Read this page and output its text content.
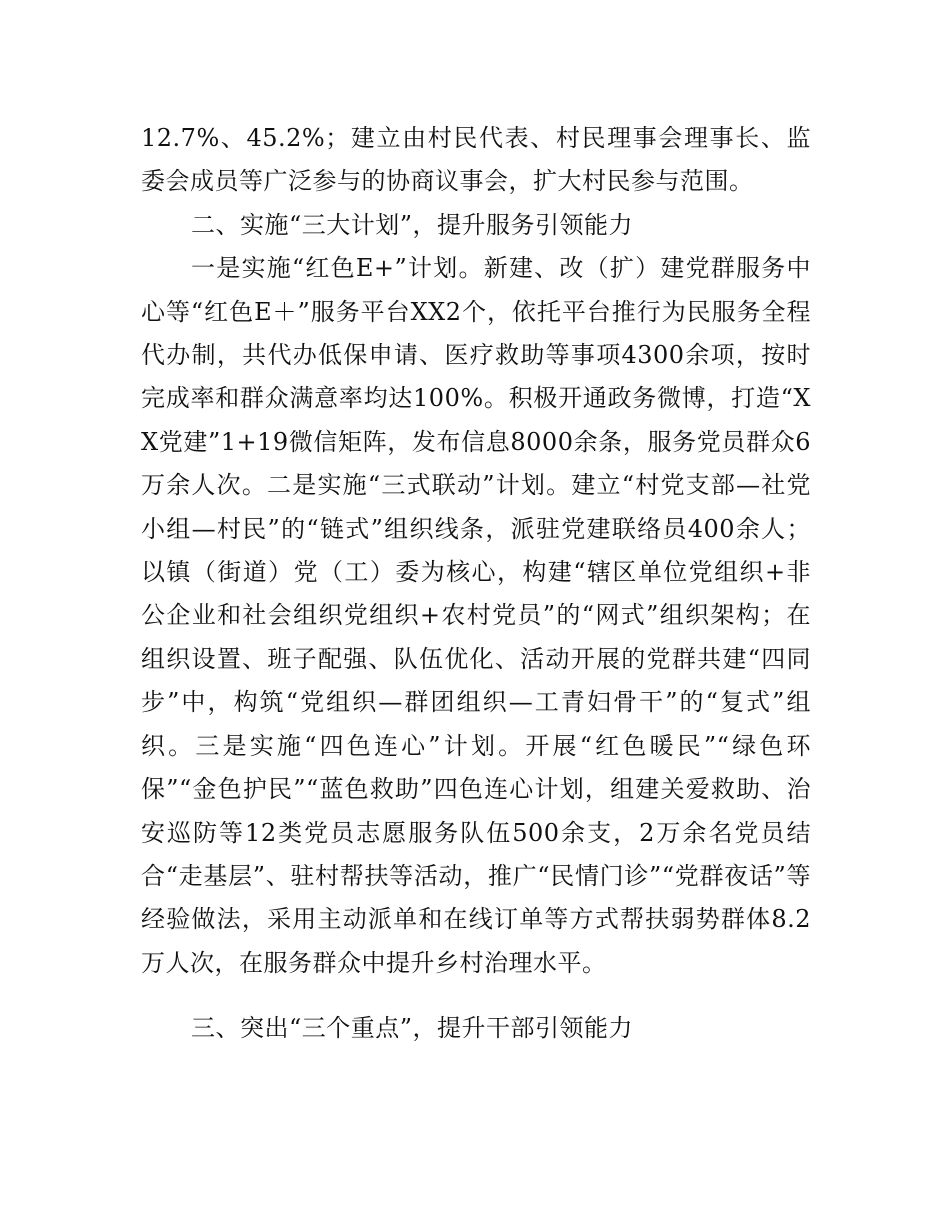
12.7%、45.2%；建立由村民代表、村民理事会理事长、监委会成员等广泛参与的协商议事会，扩大村民参与范围。

二、实施“三大计划”，提升服务引领能力

一是实施“红色E+”计划。新建、改（扩）建党群服务中心等“红色E＋”服务平台XX2个，依托平台推行为民服务全程代办制，共代办低保申请、医疗救助等事项4300余项，按时完成率和群众满意率均达100%。积极开通政务微博，打造“XX党建”1+19微信矩阵，发布信息8000余条，服务党员群众6万余人次。二是实施“三式联动”计划。建立“村党支部—社党小组—村民”的“链式”组织线条，派驻党建联络员400余人；以镇（街道）党（工）委为核心，构建“辖区单位党组织+非公企业和社会组织党组织+农村党员”的“网式”组织架构；在组织设置、班子配强、队伍优化、活动开展的党群共建“四同步”中，构筑“党组织—群团组织—工青妇骨干”的“复式”组织。三是实施“四色连心”计划。开展“红色暖民”“绿色环保”“金色护民”“蓝色救助”四色连心计划，组建关爱救助、治安巡防等12类党员志愿服务队伍500余支，2万余名党员结合“走基层”、驻村帮扶等活动，推广“民情门诊”“党群夜话”等经验做法，采用主动派单和在线订单等方式帮扶弱势群体8.2万人次，在服务群众中提升乡村治理水平。

三、突出“三个重点”，提升干部引领能力
